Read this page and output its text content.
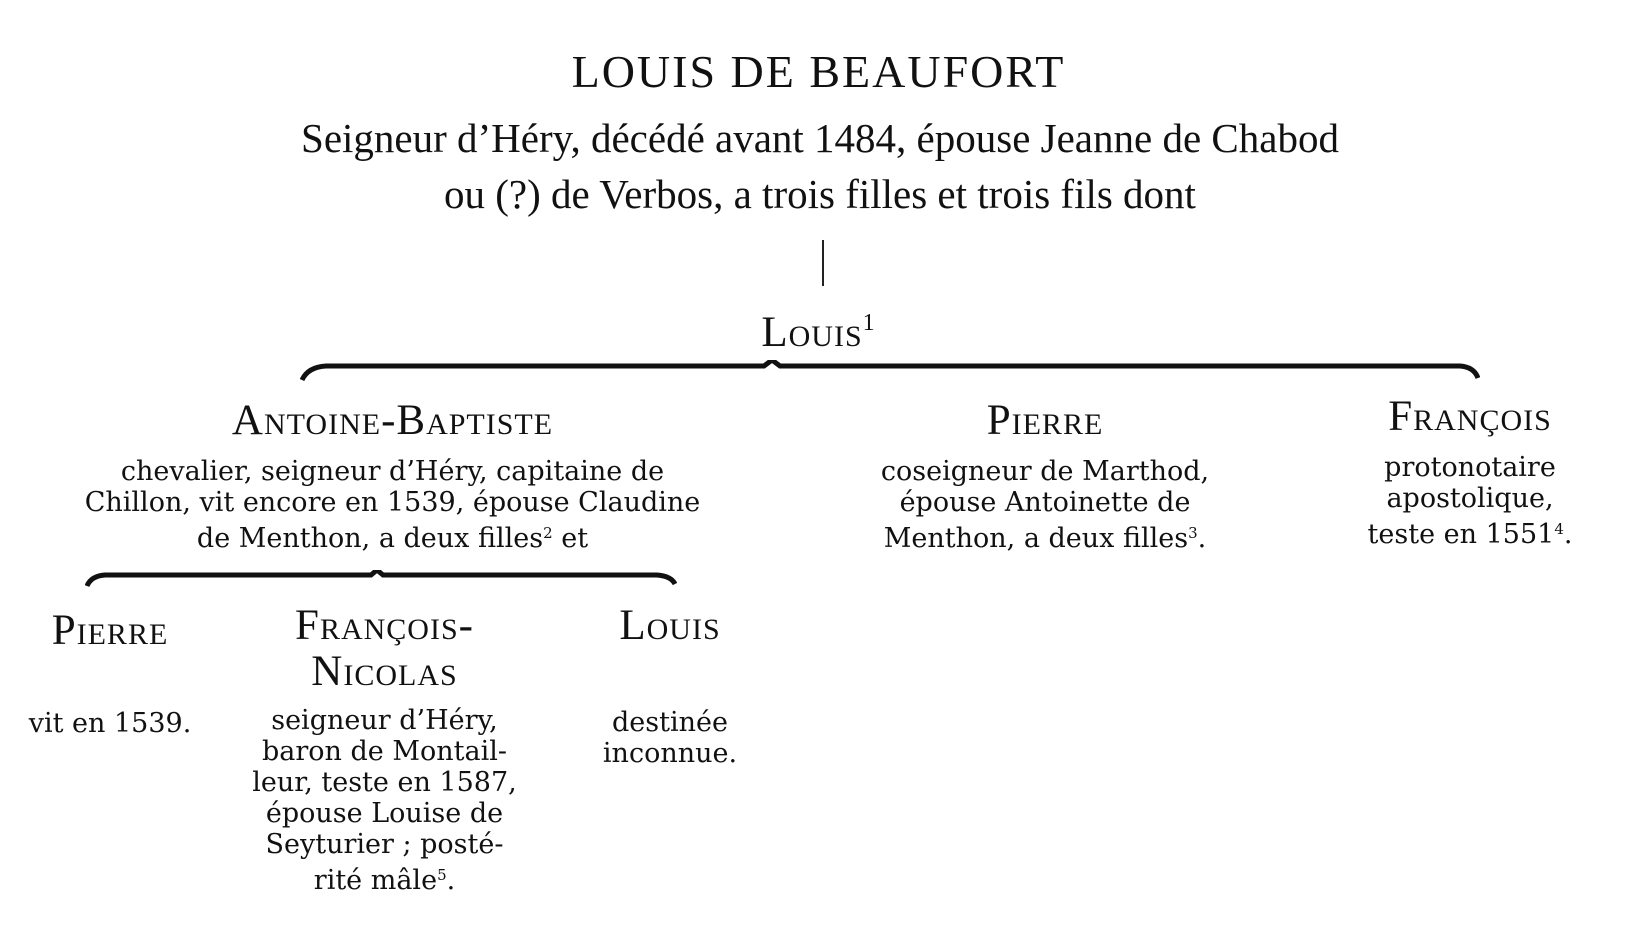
LOUIS DE BEAUFORT
Seigneur d’Héry, décédé avant 1484, épouse Jeanne de Chabod
ou (?) de Verbos, a trois filles et trois fils dont
Louis$^1$
Antoine-Baptiste
chevalier, seigneur d’Héry, capitaine de
Chillon, vit encore en 1539, épouse Claudine
de Menthon, a deux filles$^2$ et
Pierre
coseigneur de Marthod,
épouse Antoinette de
Menthon, a deux filles$^3$.
François
protonotaire
apostolique,
teste en 1551$^4$.
Pierre
vit en 1539.
François-
Nicolas
seigneur d’Héry,
baron de Montail-
leur, teste en 1587,
épouse Louise de
Seyturier ; posté-
rité mâle$^5$.
Louis
destinée
inconnue.
